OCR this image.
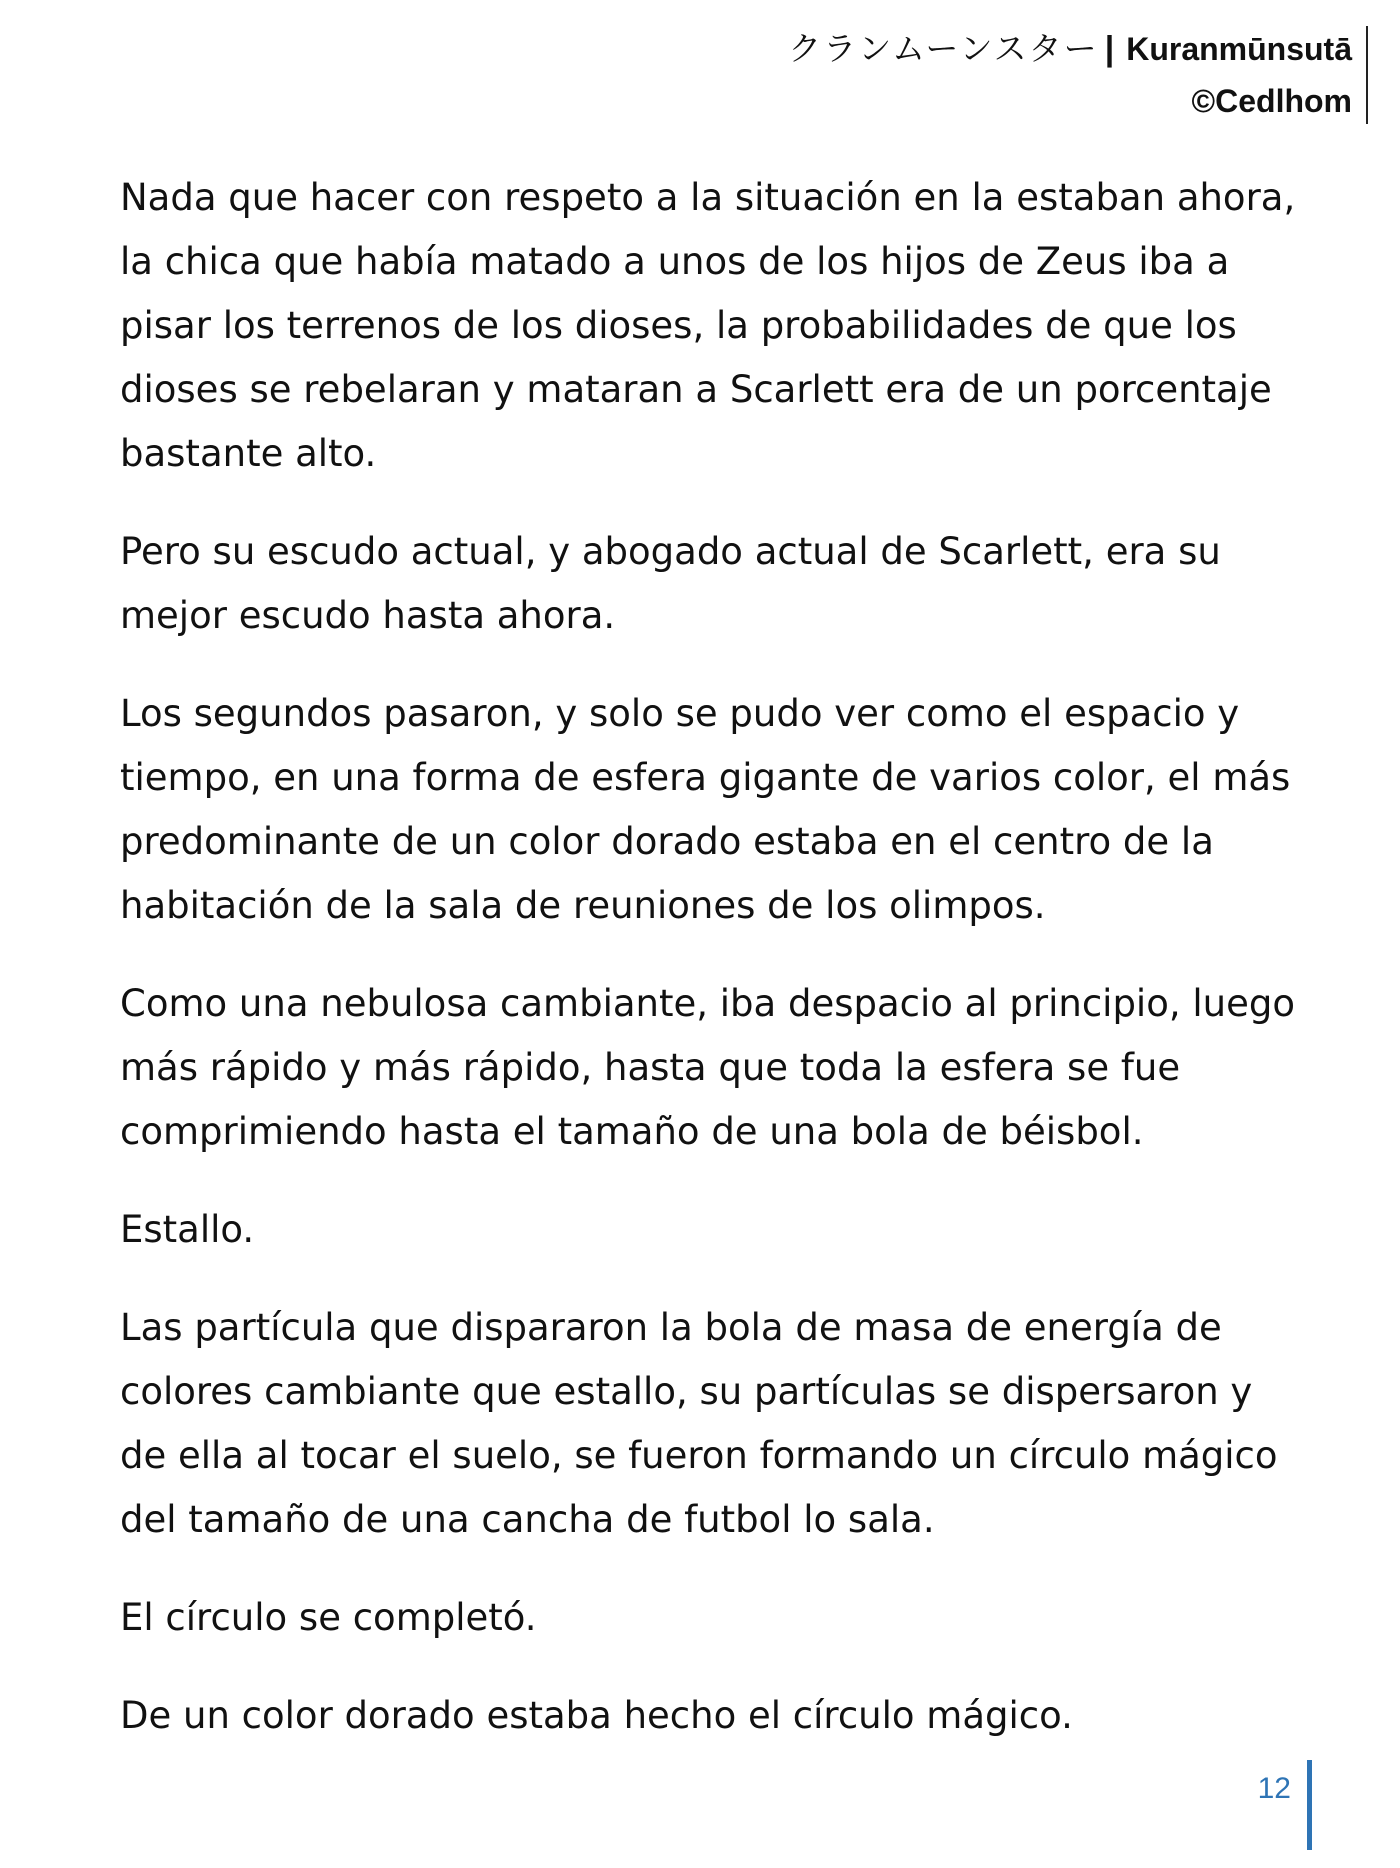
クランムーンスター | Kuranmūnsutā
©Cedlhom

Nada que hacer con respeto a la situación en la estaban ahora,
la chica que había matado a unos de los hijos de Zeus iba a
pisar los terrenos de los dioses, la probabilidades de que los
dioses se rebelaran y mataran a Scarlett era de un porcentaje
bastante alto.

Pero su escudo actual, y abogado actual de Scarlett, era su
mejor escudo hasta ahora.

Los segundos pasaron, y solo se pudo ver como el espacio y
tiempo, en una forma de esfera gigante de varios color, el más
predominante de un color dorado estaba en el centro de la
habitación de la sala de reuniones de los olimpos.

Como una nebulosa cambiante, iba despacio al principio, luego
más rápido y más rápido, hasta que toda la esfera se fue
comprimiendo hasta el tamaño de una bola de béisbol.

Estallo.

Las partícula que dispararon la bola de masa de energía de
colores cambiante que estallo, su partículas se dispersaron y
de ella al tocar el suelo, se fueron formando un círculo mágico
del tamaño de una cancha de futbol lo sala.

El círculo se completó.

De un color dorado estaba hecho el círculo mágico.

12
